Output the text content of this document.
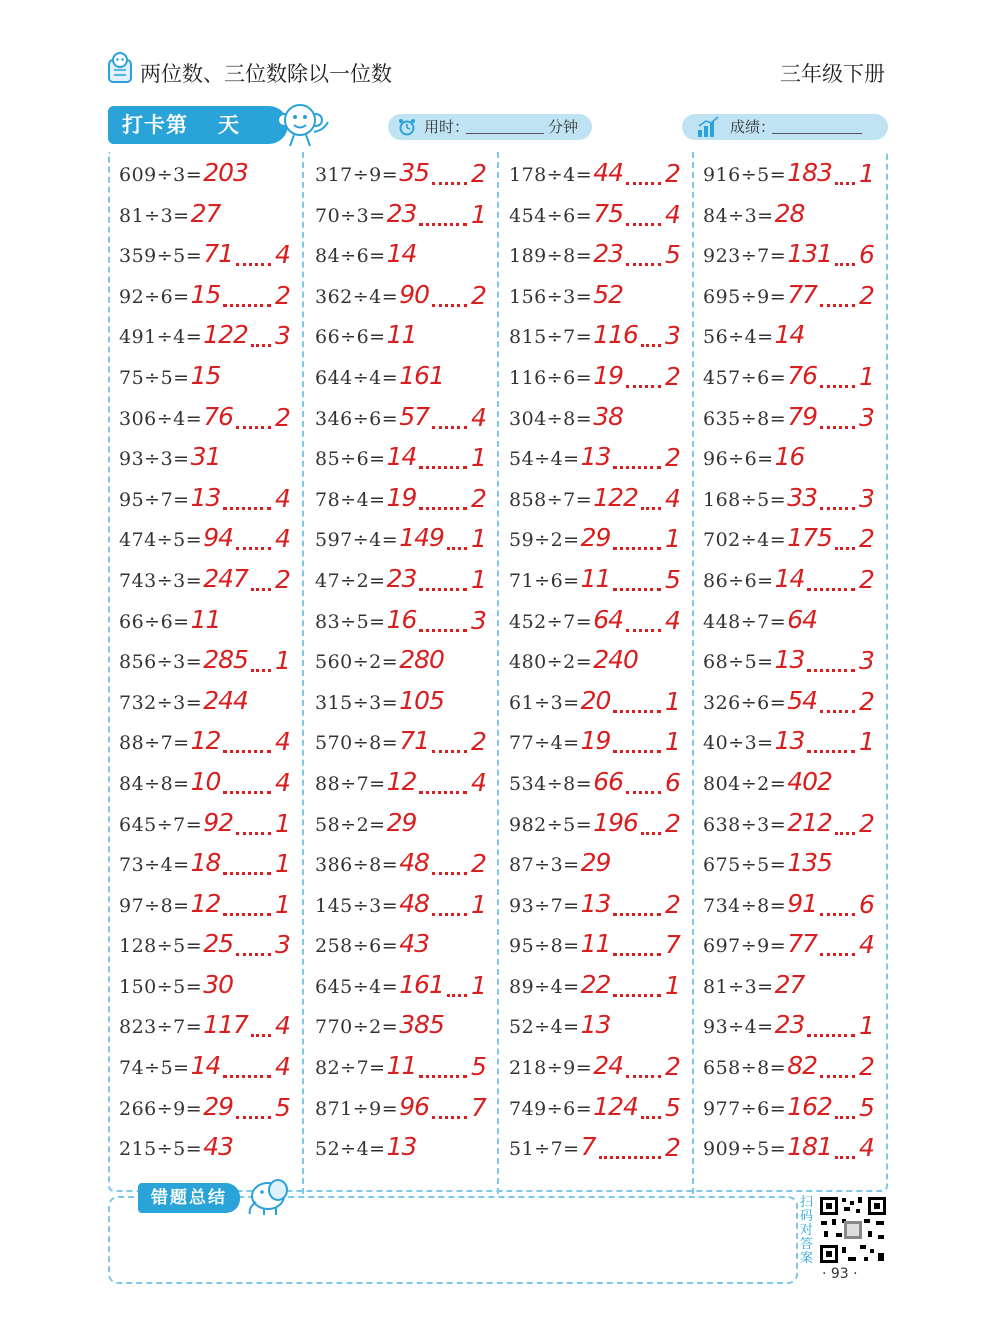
两位数、三位数除以一位数	三年级下册
打卡第 天	用时：	分钟	成绩：
609÷3= 203
81÷3= 27
359÷5= 71 4
92÷6= 15 2
491÷4= 122 3
75÷5= 15
306÷4= 76 2
93÷3= 31
95÷7= 13 4
474÷5= 94 4
743÷3= 247 2
66÷6= 11
856÷3= 285 1
732÷3= 244
88÷7= 12 4
84÷8= 10 4
645÷7= 92 1
73÷4= 18 1
97÷8= 12 1
128÷5= 25 3
150÷5= 30
823÷7= 117 4
74÷5= 14 4
266÷9= 29 5
215÷5= 43
317÷9= 35 2
70÷3= 23 1
84÷6= 14
362÷4= 90 2
66÷6= 11
644÷4= 161
346÷6= 57 4
85÷6= 14 1
78÷4= 19 2
597÷4= 149 1
47÷2= 23 1
83÷5= 16 3
560÷2= 280
315÷3= 105
570÷8= 71 2
88÷7= 12 4
58÷2= 29
386÷8= 48 2
145÷3= 48 1
258÷6= 43
645÷4= 161 1
770÷2= 385
82÷7= 11 5
871÷9= 96 7
52÷4= 13
178÷4= 44 2
454÷6= 75 4
189÷8= 23 5
156÷3= 52
815÷7= 116 3
116÷6= 19 2
304÷8= 38
54÷4= 13 2
858÷7= 122 4
59÷2= 29 1
71÷6= 11 5
452÷7= 64 4
480÷2= 240
61÷3= 20 1
77÷4= 19 1
534÷8= 66 6
982÷5= 196 2
87÷3= 29
93÷7= 13 2
95÷8= 11 7
89÷4= 22 1
52÷4= 13
218÷9= 24 2
749÷6= 124 5
51÷7= 7	2
916÷5= 183 1
84÷3= 28
923÷7= 131 6
695÷9= 77 2
56÷4= 14
457÷6= 76 1
635÷8= 79 3
96÷6= 16
168÷5= 33 3
702÷4= 175 2
86÷6= 14 2
448÷7= 64
68÷5= 13 3
326÷6= 54 2
40÷3= 13 1
804÷2= 402
638÷3= 212 2
675÷5= 135
734÷8= 91 6
697÷9= 77 4
81÷3= 27
93÷4= 23 1
658÷8= 82 2
977÷6= 162 5
909÷5= 181 4
错题总结	扫码对答案
· 93 ·
